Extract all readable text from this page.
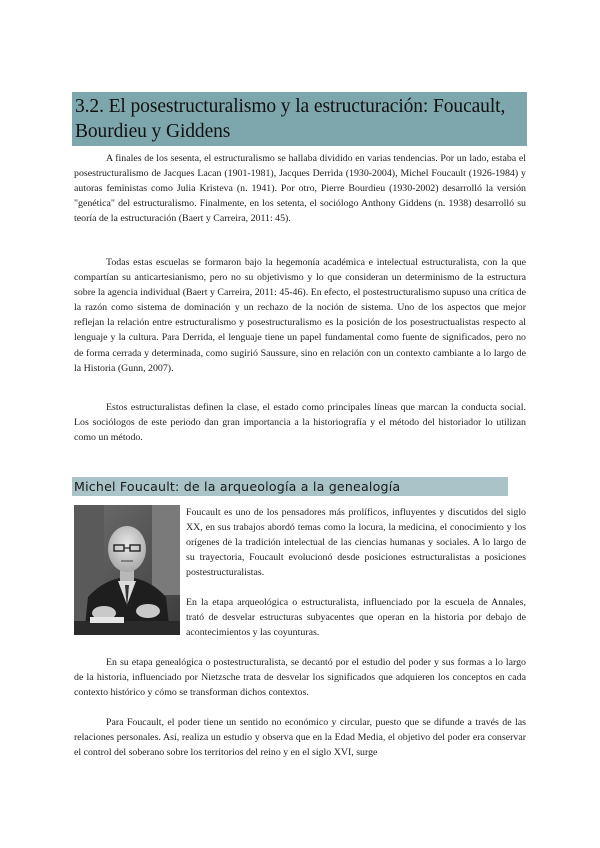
3.2. El posestructuralismo y la estructuración: Foucault, Bourdieu y Giddens

A finales de los sesenta, el estructuralismo se hallaba dividido en varias tendencias. Por un lado, estaba el posestructuralismo de Jacques Lacan (1901-1981), Jacques Derrida (1930-2004), Michel Foucault (1926-1984) y autoras feministas como Julia Kristeva (n. 1941). Por otro, Pierre Bourdieu (1930-2002) desarrolló la versión "genética" del estructuralismo. Finalmente, en los setenta, el sociólogo Anthony Giddens (n. 1938) desarrolló su teoría de la estructuración (Baert y Carreira, 2011: 45).

Todas estas escuelas se formaron bajo la hegemonía académica e intelectual estructuralista, con la que compartían su anticartesianismo, pero no su objetivismo y lo que consideran un determinismo de la estructura sobre la agencia individual (Baert y Carreira, 2011: 45-46). En efecto, el postestructuralismo supuso una crítica de la razón como sistema de dominación y un rechazo de la noción de sistema. Uno de los aspectos que mejor reflejan la relación entre estructuralismo y posestructuralismo es la posición de los posestructualistas respecto al lenguaje y la cultura. Para Derrida, el lenguaje tiene un papel fundamental como fuente de significados, pero no de forma cerrada y determinada, como sugirió Saussure, sino en relación con un contexto cambiante a lo largo de la Historia (Gunn, 2007).

Estos estructuralistas definen la clase, el estado como principales líneas que marcan la conducta social. Los sociólogos de este periodo dan gran importancia a la historiografía y el método del historiador lo utilizan como un método.

Michel Foucault: de la arqueología a la genealogía

Foucault es uno de los pensadores más prolíficos, influyentes y discutidos del siglo XX, en sus trabajos abordó temas como la locura, la medicina, el conocimiento y los orígenes de la tradición intelectual de las ciencias humanas y sociales. A lo largo de su trayectoria, Foucault evolucionó desde posiciones estructuralistas a posiciones postestructuralistas.

En la etapa arqueológica o estructuralista, influenciado por la escuela de Annales, trató de desvelar estructuras subyacentes que operan en la historia por debajo de acontecimientos y las coyunturas.

En su etapa genealógica o postestructuralista, se decantó por el estudio del poder y sus formas a lo largo de la historia, influenciado por Nietzsche trata de desvelar los significados que adquieren los conceptos en cada contexto histórico y cómo se transforman dichos contextos.

Para Foucault, el poder tiene un sentido no económico y circular, puesto que se difunde a través de las relaciones personales. Así, realiza un estudio y observa que en la Edad Media, el objetivo del poder era conservar el control del soberano sobre los territorios del reino y en el siglo XVI, surge
